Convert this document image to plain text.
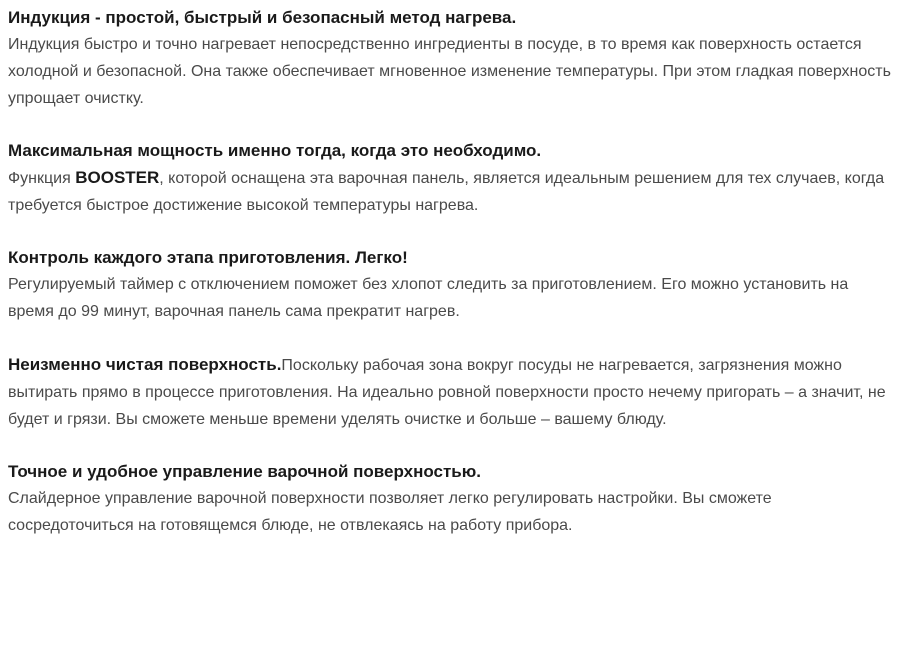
Индукция - простой, быстрый и безопасный метод нагрева.
Индукция быстро и точно нагревает непосредственно ингредиенты в посуде, в то время как поверхность остается холодной и безопасной. Она также обеспечивает мгновенное изменение температуры. При этом гладкая поверхность упрощает очистку.
Максимальная мощность именно тогда, когда это необходимо.
Функция BOOSTER, которой оснащена эта варочная панель, является идеальным решением для тех случаев, когда требуется быстрое достижение высокой температуры нагрева.
Контроль каждого этапа приготовления. Легко!
Регулируемый таймер с отключением поможет без хлопот следить за приготовлением. Его можно установить на время до 99 минут, варочная панель сама прекратит нагрев.
Неизменно чистая поверхность.Поскольку рабочая зона вокруг посуды не нагревается, загрязнения можно вытирать прямо в процессе приготовления. На идеально ровной поверхности просто нечему пригорать – а значит, не будет и грязи. Вы сможете меньше времени уделять очистке и больше – вашему блюду.
Точное и удобное управление варочной поверхностью.
Слайдерное управление варочной поверхности позволяет легко регулировать настройки. Вы сможете сосредоточиться на готовящемся блюде, не отвлекаясь на работу прибора.
